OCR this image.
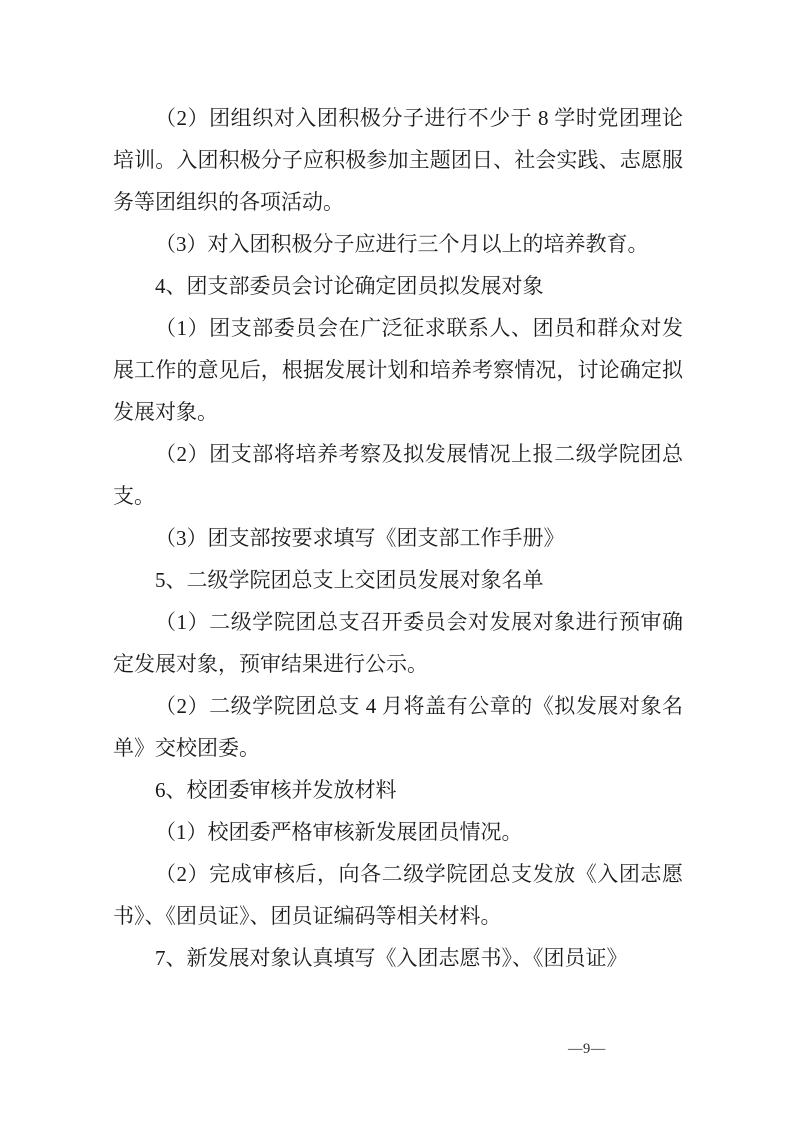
（2）团组织对入团积极分子进行不少于 8 学时党团理论培训。入团积极分子应积极参加主题团日、社会实践、志愿服务等团组织的各项活动。

（3）对入团积极分子应进行三个月以上的培养教育。

4、团支部委员会讨论确定团员拟发展对象

（1）团支部委员会在广泛征求联系人、团员和群众对发展工作的意见后，根据发展计划和培养考察情况，讨论确定拟发展对象。

（2）团支部将培养考察及拟发展情况上报二级学院团总支。

（3）团支部按要求填写《团支部工作手册》

5、二级学院团总支上交团员发展对象名单

（1）二级学院团总支召开委员会对发展对象进行预审确定发展对象，预审结果进行公示。

（2）二级学院团总支 4 月将盖有公章的《拟发展对象名单》交校团委。

6、校团委审核并发放材料

（1）校团委严格审核新发展团员情况。

（2）完成审核后，向各二级学院团总支发放《入团志愿书》、《团员证》、团员证编码等相关材料。

7、新发展对象认真填写《入团志愿书》、《团员证》

—9—
